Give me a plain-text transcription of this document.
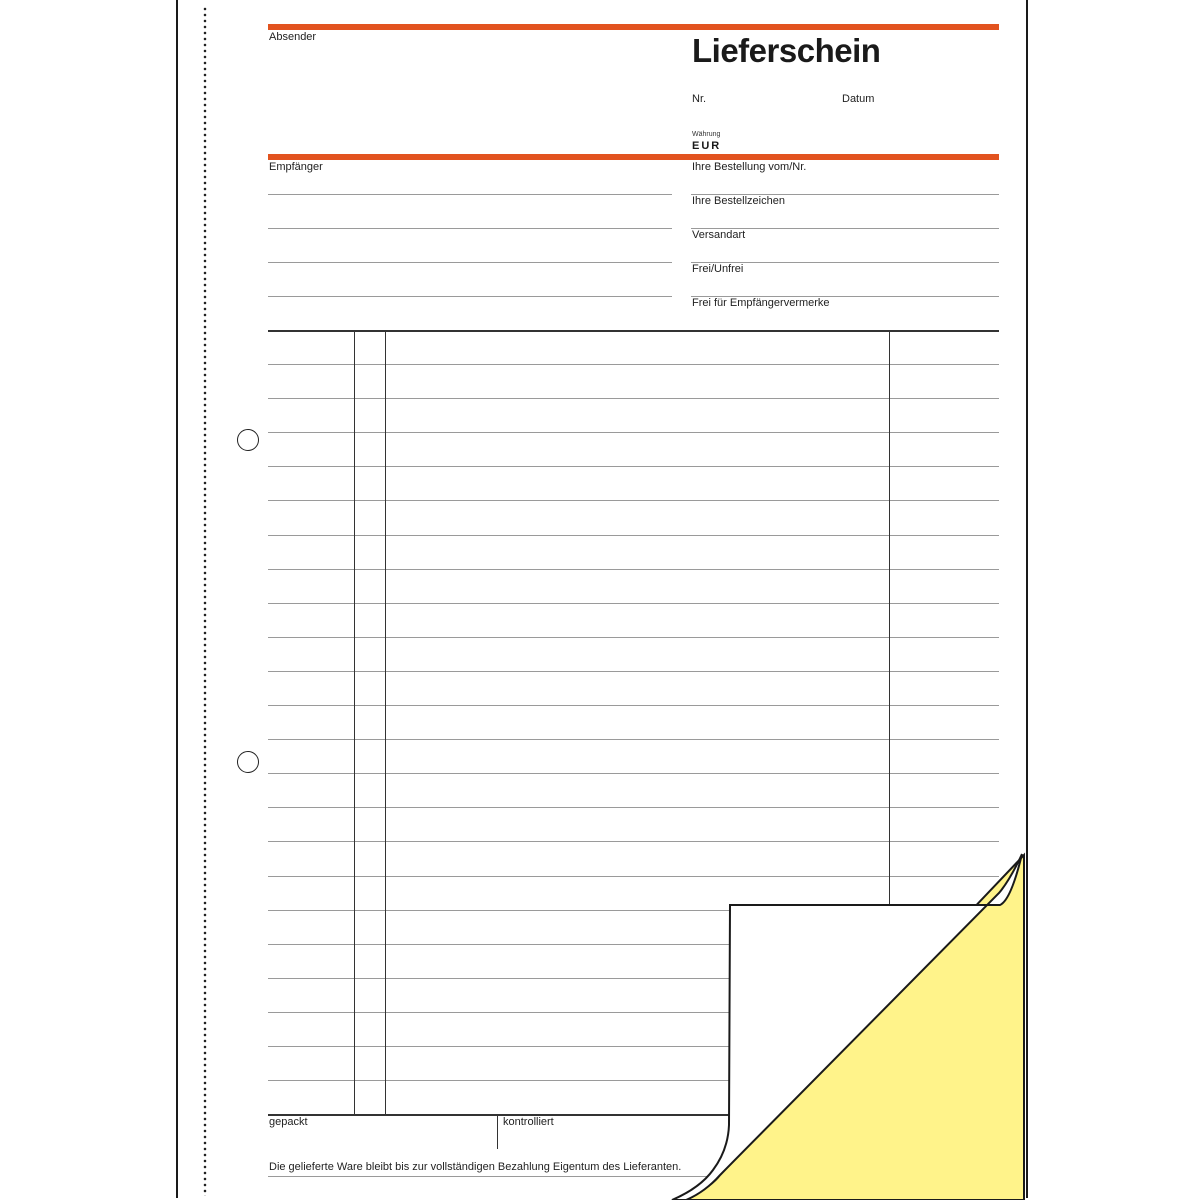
Absender	Lieferschein
Nr.	Datum
Währung
EUR
Empfänger	Ihre Bestellung vom/Nr.
Ihre Bestellzeichen
Versandart
Frei/Unfrei
Frei für Empfängervermerke
gepackt	kontrolliert
Die gelieferte Ware bleibt bis zur vollständigen Bezahlung Eigentum des Lieferanten.
